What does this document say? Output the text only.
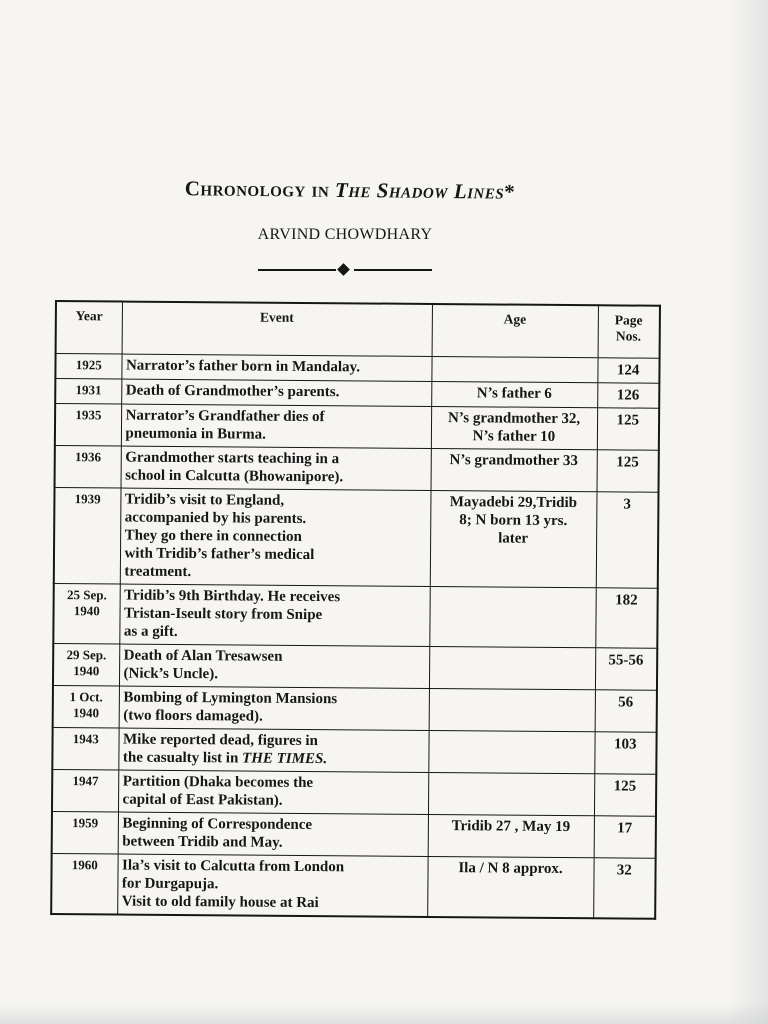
Chronology in The Shadow Lines*
ARVIND CHOWDHARY
Year	Event	Age	Page
Nos.

1925	Narrator’s father born in Mandalay.		124
1931	Death of Grandmother’s parents.	N’s father 6	126
1935	Narrator’s Grandfather dies of
pneumonia in Burma.	N’s grandmother 32,
N’s father 10	125
1936	Grandmother starts teaching in a
school in Calcutta (Bhowanipore).	N’s grandmother 33	125
1939	Tridib’s visit to England,
accompanied by his parents.
They go there in connection
with Tridib’s father’s medical
treatment.	Mayadebi 29,Tridib
8; N born 13 yrs.
later	3

25 Sep.
1940	Tridib’s 9th Birthday. He receives
Tristan-Iseult story from Snipe
as a gift.		182

29 Sep.
1940	Death of Alan Tresawsen
(Nick’s Uncle).		55-56

1 Oct.
1940	Bombing of Lymington Mansions
(two floors damaged).		56
1943	Mike reported dead, figures in
the casualty list in THE TIMES.		103
1947	Partition (Dhaka becomes the
capital of East Pakistan).		125
1959	Beginning of Correspondence
between Tridib and May.	Tridib 27 , May 19	17
1960	Ila’s visit to Calcutta from London
for Durgapuja.
Visit to old family house at Rai	Ila / N 8 approx.	32
